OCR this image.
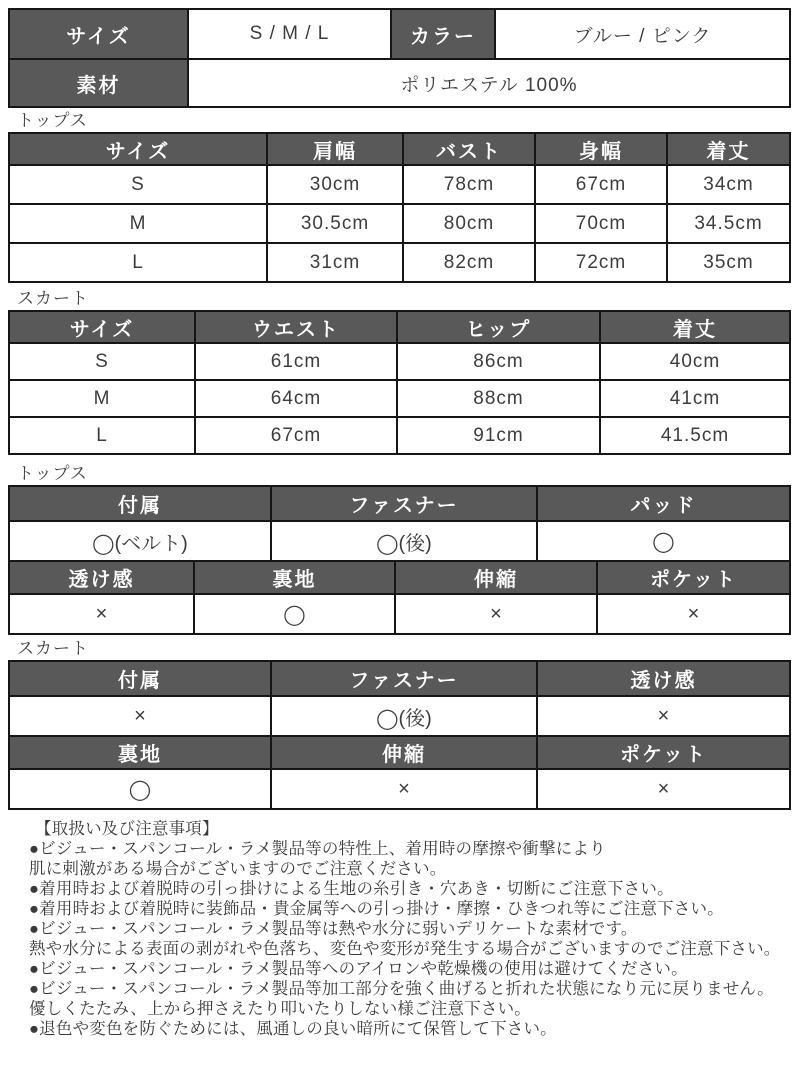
サイズ	S / M / L	カラー	ブルー / ピンク
素材	ポリエステル 100%
トップス
サイズ	肩幅	バスト	身幅	着丈
S	30cm	78cm	67cm	34cm
M	30.5cm	80cm	70cm	34.5cm
L	31cm	82cm	72cm	35cm
スカート
サイズ	ウエスト	ヒップ	着丈
S	61cm	86cm	40cm
M	64cm	88cm	41cm
L	67cm	91cm	41.5cm
トップス
付属	ファスナー	パッド
◯(ベルト)	◯(後)	◯
透け感	裏地	伸縮	ポケット
×	◯	×	×
スカート
付属	ファスナー	透け感
×	◯(後)	×
裏地	伸縮	ポケット
◯	×	×

【取扱い及び注意事項】

●ビジュー・スパンコール・ラメ製品等の特性上、着用時の摩擦や衝撃により

肌に刺激がある場合がございますのでご注意ください。

●着用時および着脱時の引っ掛けによる生地の糸引き・穴あき・切断にご注意下さい。

●着用時および着脱時に装飾品・貴金属等への引っ掛け・摩擦・ひきつれ等にご注意下さい。

●ビジュー・スパンコール・ラメ製品等は熱や水分に弱いデリケートな素材です。

熱や水分による表面の剥がれや色落ち、変色や変形が発生する場合がございますのでご注意下さい。

●ビジュー・スパンコール・ラメ製品等へのアイロンや乾燥機の使用は避けてください。

●ビジュー・スパンコール・ラメ製品等加工部分を強く曲げると折れた状態になり元に戻りません。

優しくたたみ、上から押さえたり叩いたりしない様ご注意下さい。

●退色や変色を防ぐためには、風通しの良い暗所にて保管して下さい。
